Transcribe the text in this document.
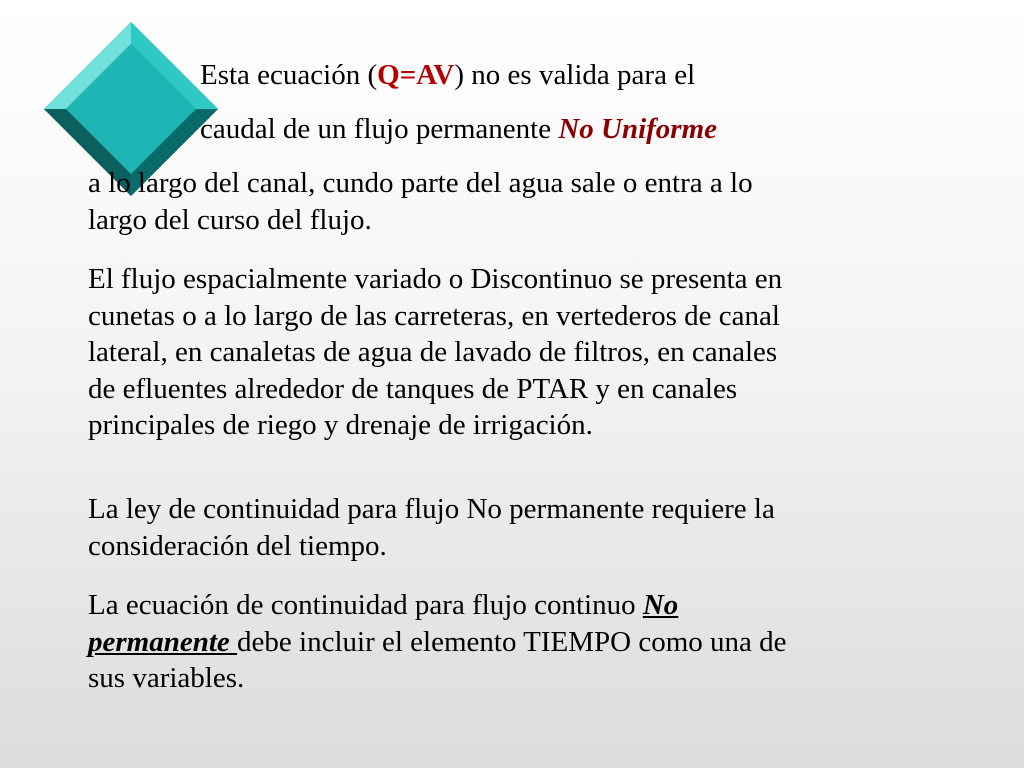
Esta ecuación (Q=AV) no es valida para el
caudal de un flujo permanente No Uniforme
a lo largo del canal, cundo parte del agua sale o entra a lo
largo del curso del flujo.
El flujo espacialmente variado o Discontinuo se presenta en
cunetas o a lo largo de las carreteras, en vertederos de canal
lateral, en canaletas de agua de lavado de filtros, en canales
de efluentes alrededor de tanques de PTAR y en canales
principales de riego y drenaje de irrigación.
La ley de continuidad para flujo No permanente requiere la
consideración del tiempo.
La ecuación de continuidad para flujo continuo No
permanente debe incluir el elemento TIEMPO como una de
sus variables.
